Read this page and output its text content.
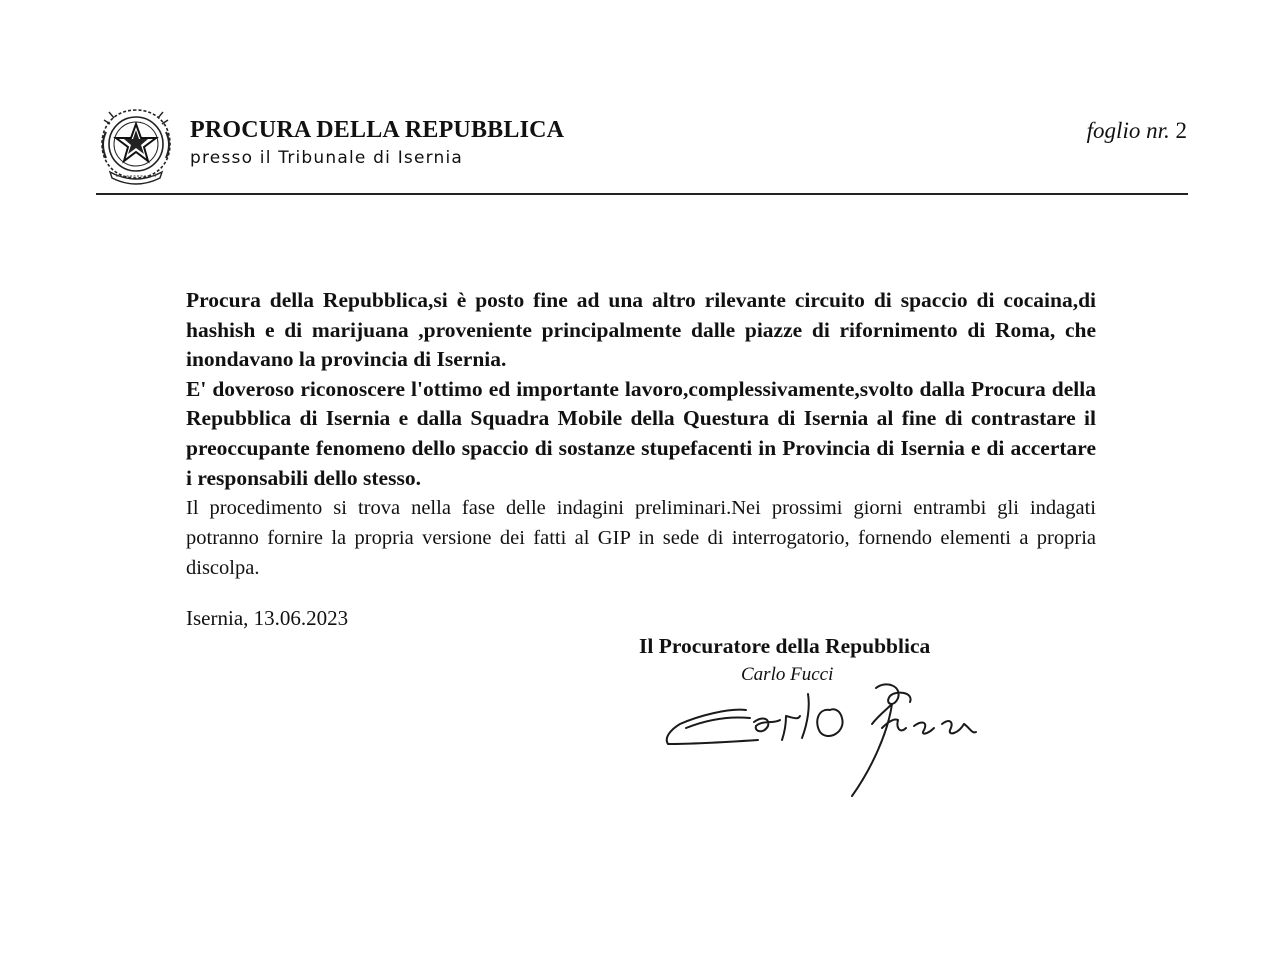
PROCURA DELLA REPUBBLICA
presso il Tribunale di Isernia
foglio nr. 2

Procura della Repubblica,si è posto fine ad una altro rilevante circuito di spaccio di cocaina,di hashish e di marijuana ,proveniente principalmente dalle piazze di rifornimento di Roma, che inondavano la provincia di Isernia.

E' doveroso riconoscere l'ottimo ed importante lavoro,complessivamente,svolto dalla Procura della Repubblica di Isernia e dalla Squadra Mobile della Questura di Isernia al fine di contrastare il preoccupante fenomeno dello spaccio di sostanze stupefacenti in Provincia di Isernia e di accertare i responsabili dello stesso.

Il procedimento si trova nella fase delle indagini preliminari.Nei prossimi giorni entrambi gli indagati potranno fornire la propria versione dei fatti al GIP in sede di interrogatorio, fornendo elementi a propria discolpa.

Isernia, 13.06.2023
Il Procuratore della Repubblica
Carlo Fucci
